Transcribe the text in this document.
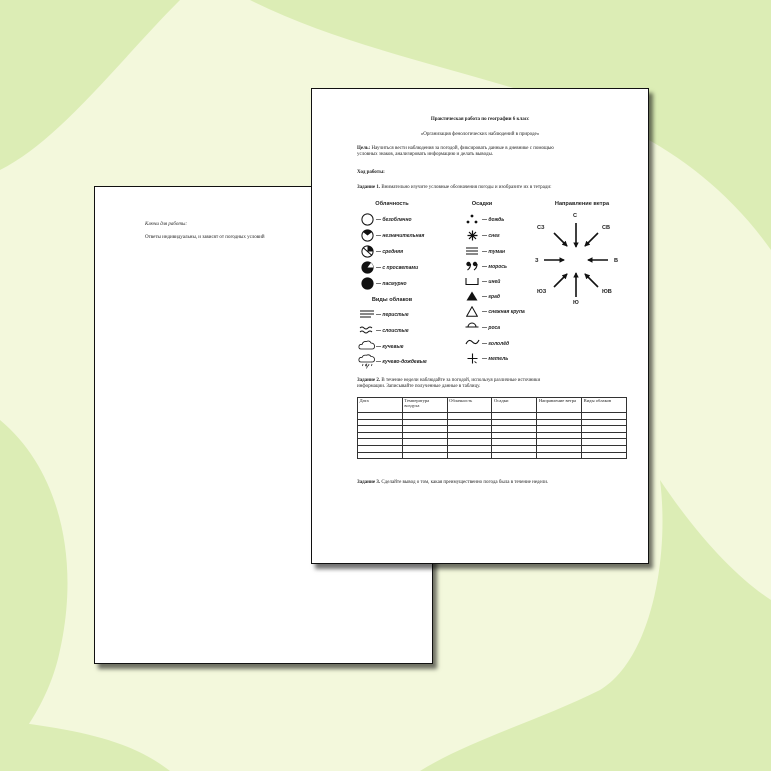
Ключи для работы:
Ответы индивидуальны, и зависят от погодных условий
Практическая работа по географии 6 класс
«Организация фенологических наблюдений в природе»
Цель: Научиться вести наблюдения за погодой, фиксировать данные в дневнике с помощью
условных знаков, анализировать информацию и делать выводы.
Ход работы:
Задание 1. Внимательно изучите условные обозначения погоды и изобразите их в тетради:
Облачность
— безоблачно
— незначительная
— средняя
— с просветами
— пасмурно
Виды облаков
— перистые
— слоистые
— кучевые
— кучево-дождевые
Осадки
— дождь
— снег
— туман
— морось
— иней
— град
— снежная крупа
— роса
— гололёд
— метель
Направление ветра
С
СВ
В
ЮВ
Ю
ЮЗ
З
СЗ
Задание 2. В течение недели наблюдайте за погодой, используя различные источники
информации. Записывайте полученные данные в таблицу.
Дата	Температура воздуха	Облачность	Осадки	Направление ветра	Виды облаков

Задание 3. Сделайте вывод о том, какая преимущественно погода была в течение недели.
